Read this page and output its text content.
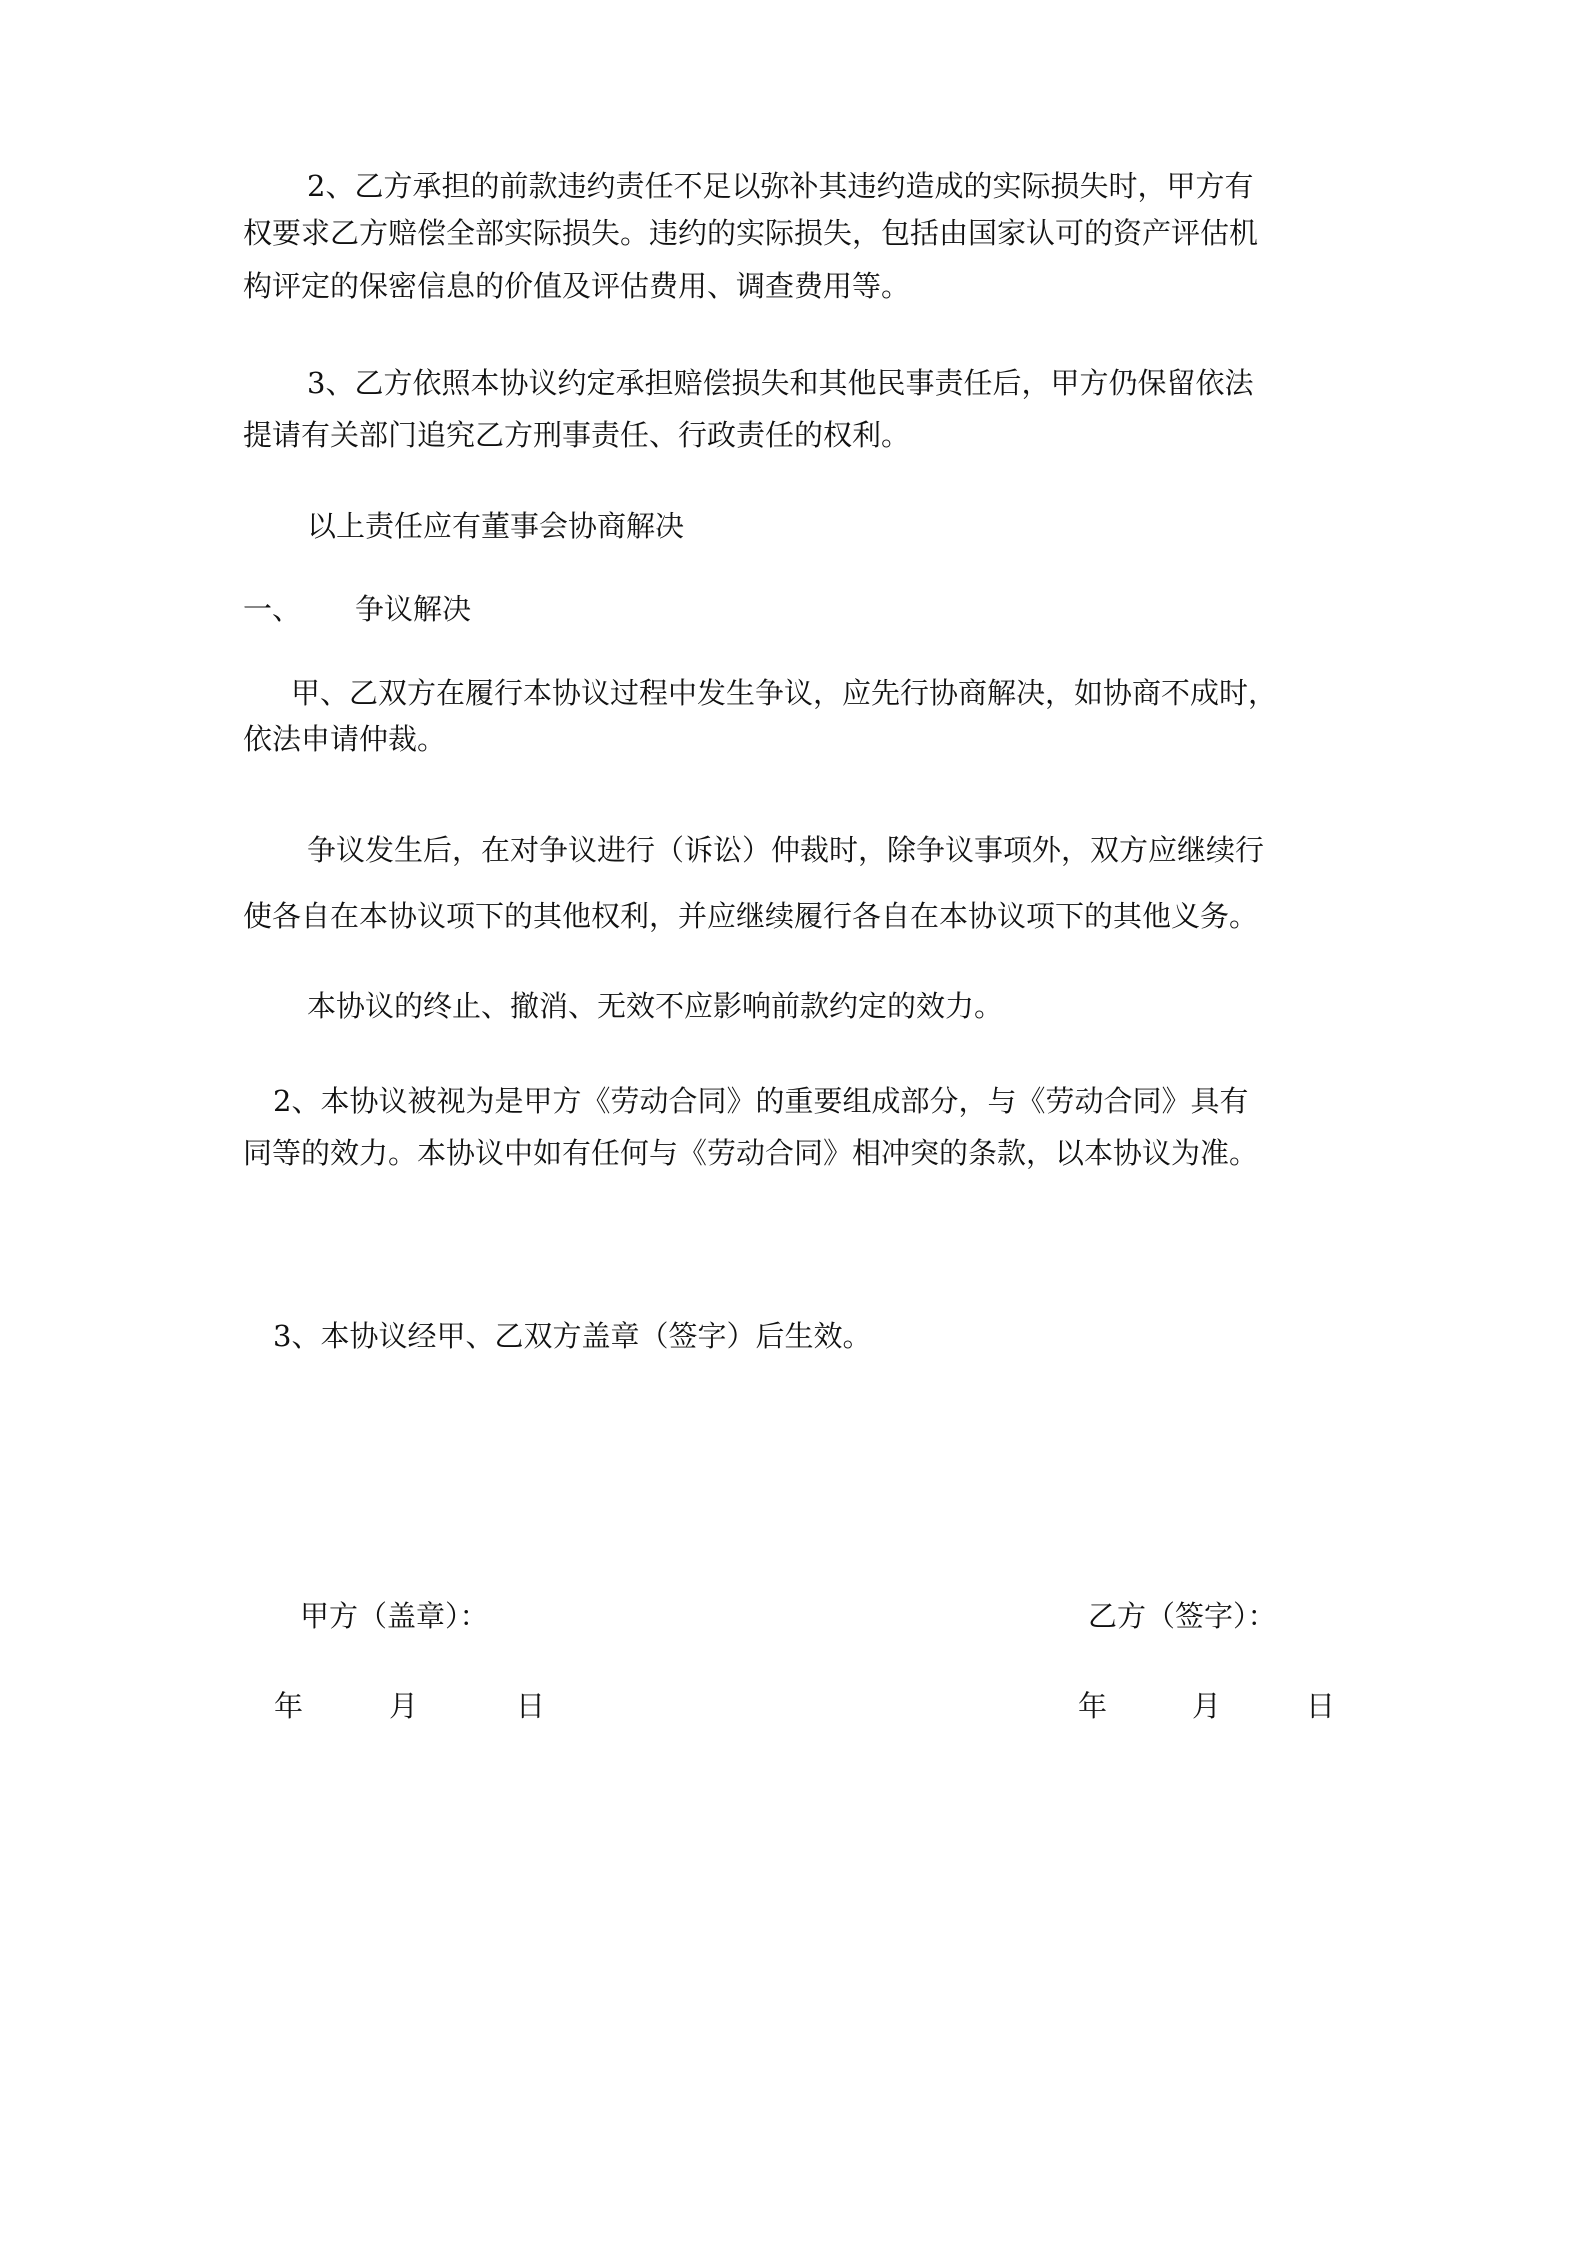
2、乙方承担的前款违约责任不足以弥补其违约造成的实际损失时，甲方有
权要求乙方赔偿全部实际损失。违约的实际损失，包括由国家认可的资产评估机
构评定的保密信息的价值及评估费用、调查费用等。
3、乙方依照本协议约定承担赔偿损失和其他民事责任后，甲方仍保留依法
提请有关部门追究乙方刑事责任、行政责任的权利。
以上责任应有董事会协商解决
一、 争议解决
甲、乙双方在履行本协议过程中发生争议，应先行协商解决，如协商不成时，
依法申请仲裁。
争议发生后，在对争议进行（诉讼）仲裁时，除争议事项外，双方应继续行
使各自在本协议项下的其他权利，并应继续履行各自在本协议项下的其他义务。
本协议的终止、撤消、无效不应影响前款约定的效力。
2、本协议被视为是甲方《劳动合同》的重要组成部分，与《劳动合同》具有
同等的效力。本协议中如有任何与《劳动合同》相冲突的条款，以本协议为准。
3、本协议经甲、乙双方盖章（签字）后生效。
甲方（盖章）：	乙方（签字）：
年	月	日	年	月	日
